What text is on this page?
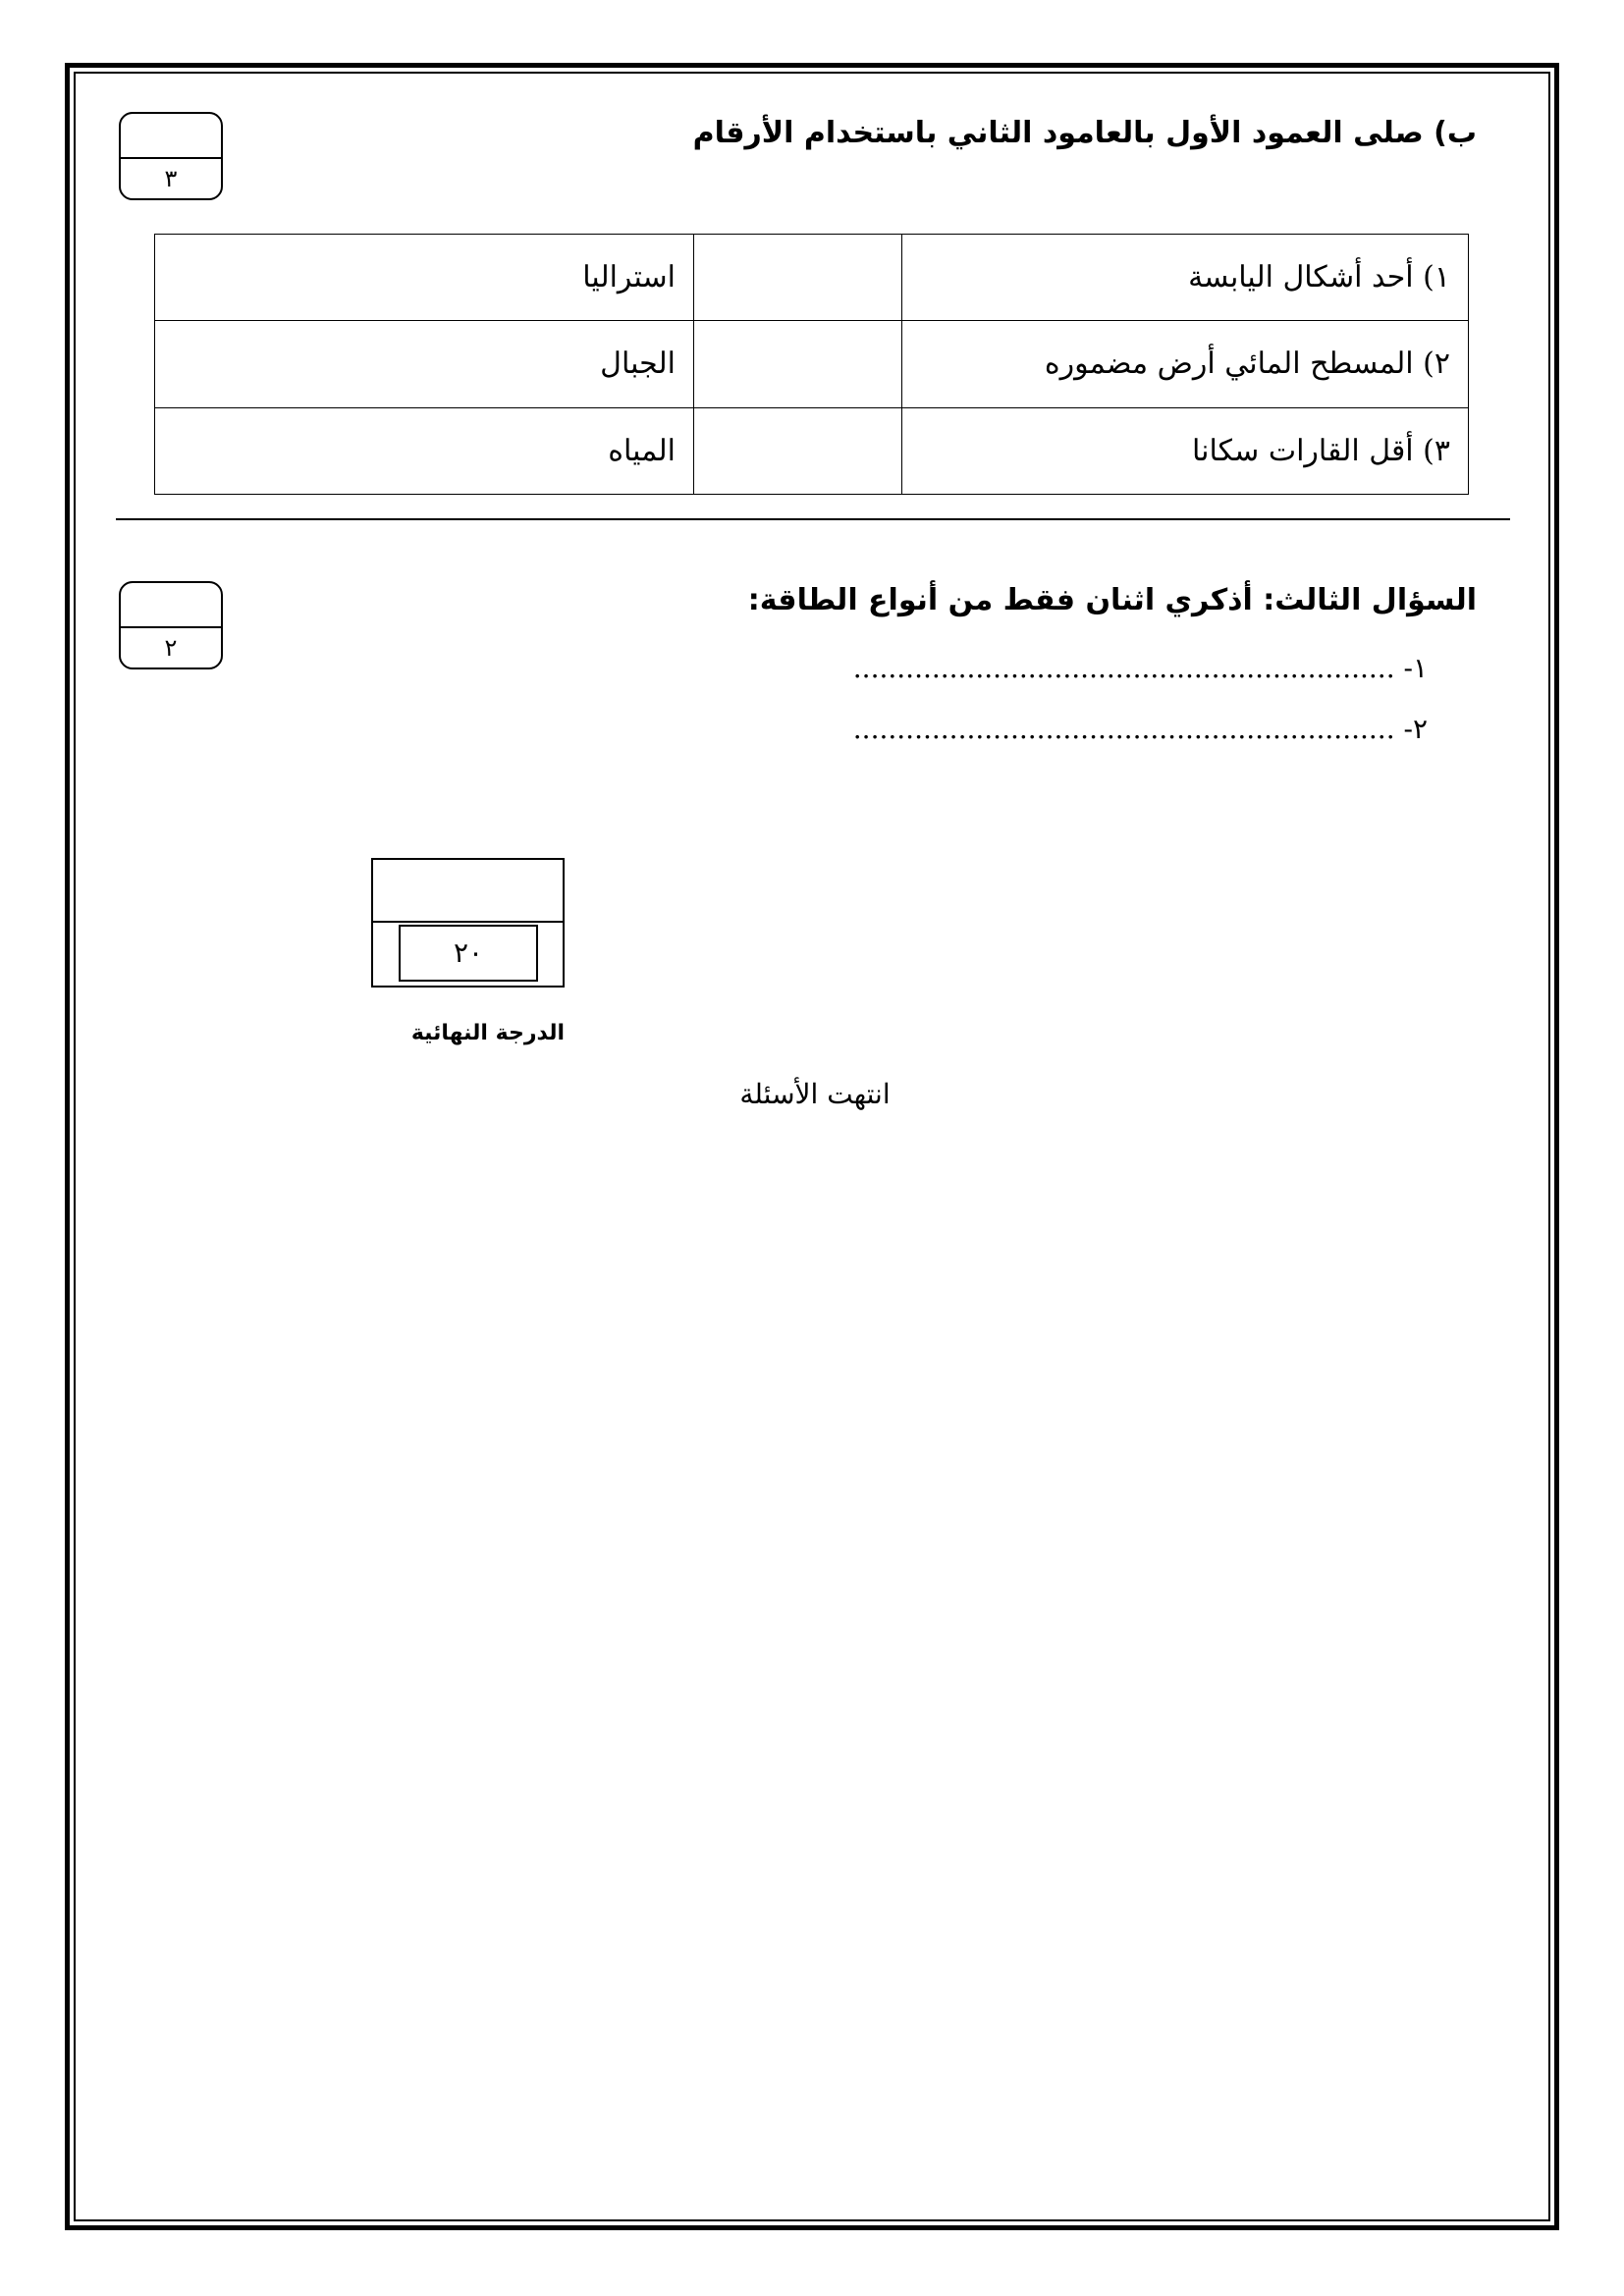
٣
ب) صلى العمود الأول بالعامود الثاني باستخدام الأرقام
١) أحد أشكال اليابسة		استراليا
٢) المسطح المائي أرض مضموره		الجبال
٣) أقل القارات سكانا		المياه
٢
السؤال الثالث: أذكري اثنان فقط من أنواع الطاقة:
١- ..............................................................
٢- ..............................................................
٢٠
الدرجة النهائية
انتهت الأسئلة
